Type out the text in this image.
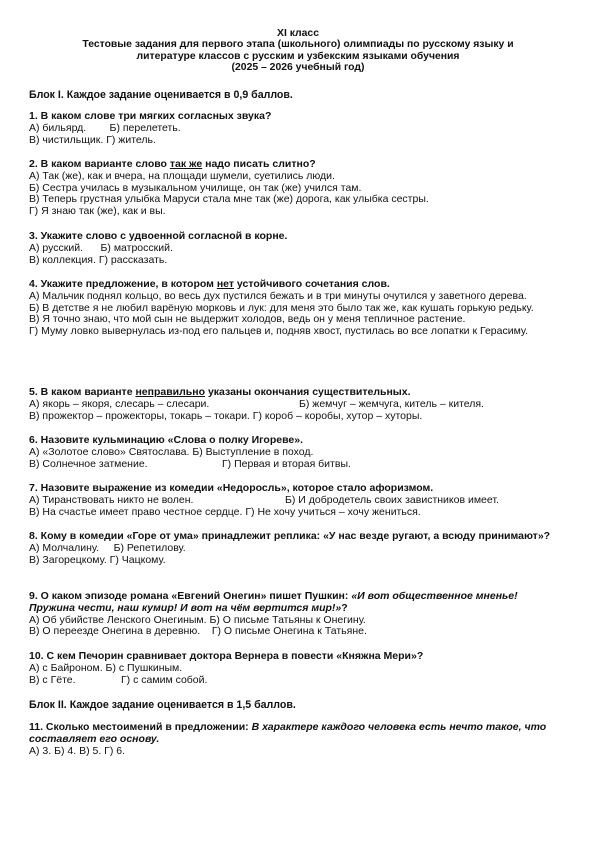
XI класс
Тестовые задания для первого этапа (школьного) олимпиады по русскому языку и
литературе классов с русским и узбекским языками обучения
(2025 – 2026 учебный год)
Блок I. Каждое задание оценивается в 0,9 баллов.
1. В каком слове три мягких согласных звука?
А) бильярд.        Б) перелететь.
В) чистильщик. Г) житель.
2. В каком варианте слово так же надо писать слитно?
А) Так (же), как и вчера, на площади шумели, суетились люди.
Б) Сестра училась в музыкальном училище, он так (же) учился там.
В) Теперь грустная улыбка Маруси стала мне так (же) дорога, как улыбка сестры.
Г) Я знаю так (же), как и вы.
3. Укажите слово с удвоенной согласной в корне.
А) русский.      Б) матросский.
В) коллекция. Г) рассказать.
4. Укажите предложение, в котором нет устойчивого сочетания слов.
А) Мальчик поднял кольцо, во весь дух пустился бежать и в три минуты очутился у заветного дерева.
Б) В детстве я не любил варёную морковь и лук: для меня это было так же, как кушать горькую редьку.
В) Я точно знаю, что мой сын не выдержит холодов, ведь он у меня тепличное растение.
Г) Муму ловко вывернулась из-под его пальцев и, подняв хвост, пустилась во все лопатки к Герасиму.
5. В каком варианте неправильно указаны окончания существительных.
А) якорь – якоря, слесарь – слесари.	Б) жемчуг – жемчуга, китель – кителя.
В) прожектор – прожекторы, токарь – токари. Г) короб – коробы, хутор – хуторы.
6. Назовите кульминацию «Слова о полку Игореве».
А) «Золотое слово» Святослава. Б) Выступление в поход.
В) Солнечное затмение.	Г) Первая и вторая битвы.
7. Назовите выражение из комедии «Недоросль», которое стало афоризмом.
А) Тиранствовать никто не волен.	Б) И добродетель своих завистников имеет.
В) На счастье имеет право честное сердце. Г) Не хочу учиться – хочу жениться.
8. Кому в комедии «Горе от ума» принадлежит реплика: «У нас везде ругают, а всюду принимают»?
А) Молчалину.     Б) Репетилову.
В) Загорецкому. Г) Чацкому.
9. О каком эпизоде романа «Евгений Онегин» пишет Пушкин: «И вот общественное мненье! Пружина чести, наш кумир! И вот на чём вертится мир!»?
А) Об убийстве Ленского Онегиным. Б) О письме Татьяны к Онегину.
В) О переезде Онегина в деревню.    Г) О письме Онегина к Татьяне.
10. С кем Печорин сравнивает доктора Вернера в повести «Княжна Мери»?
А) с Байроном. Б) с Пушкиным.
В) с Гёте.	Г) с самим собой.
Блок II. Каждое задание оценивается в 1,5 баллов.
11. Сколько местоимений в предложении: В характере каждого человека есть нечто такое, что составляет его основу.
А) 3. Б) 4. В) 5. Г) 6.
